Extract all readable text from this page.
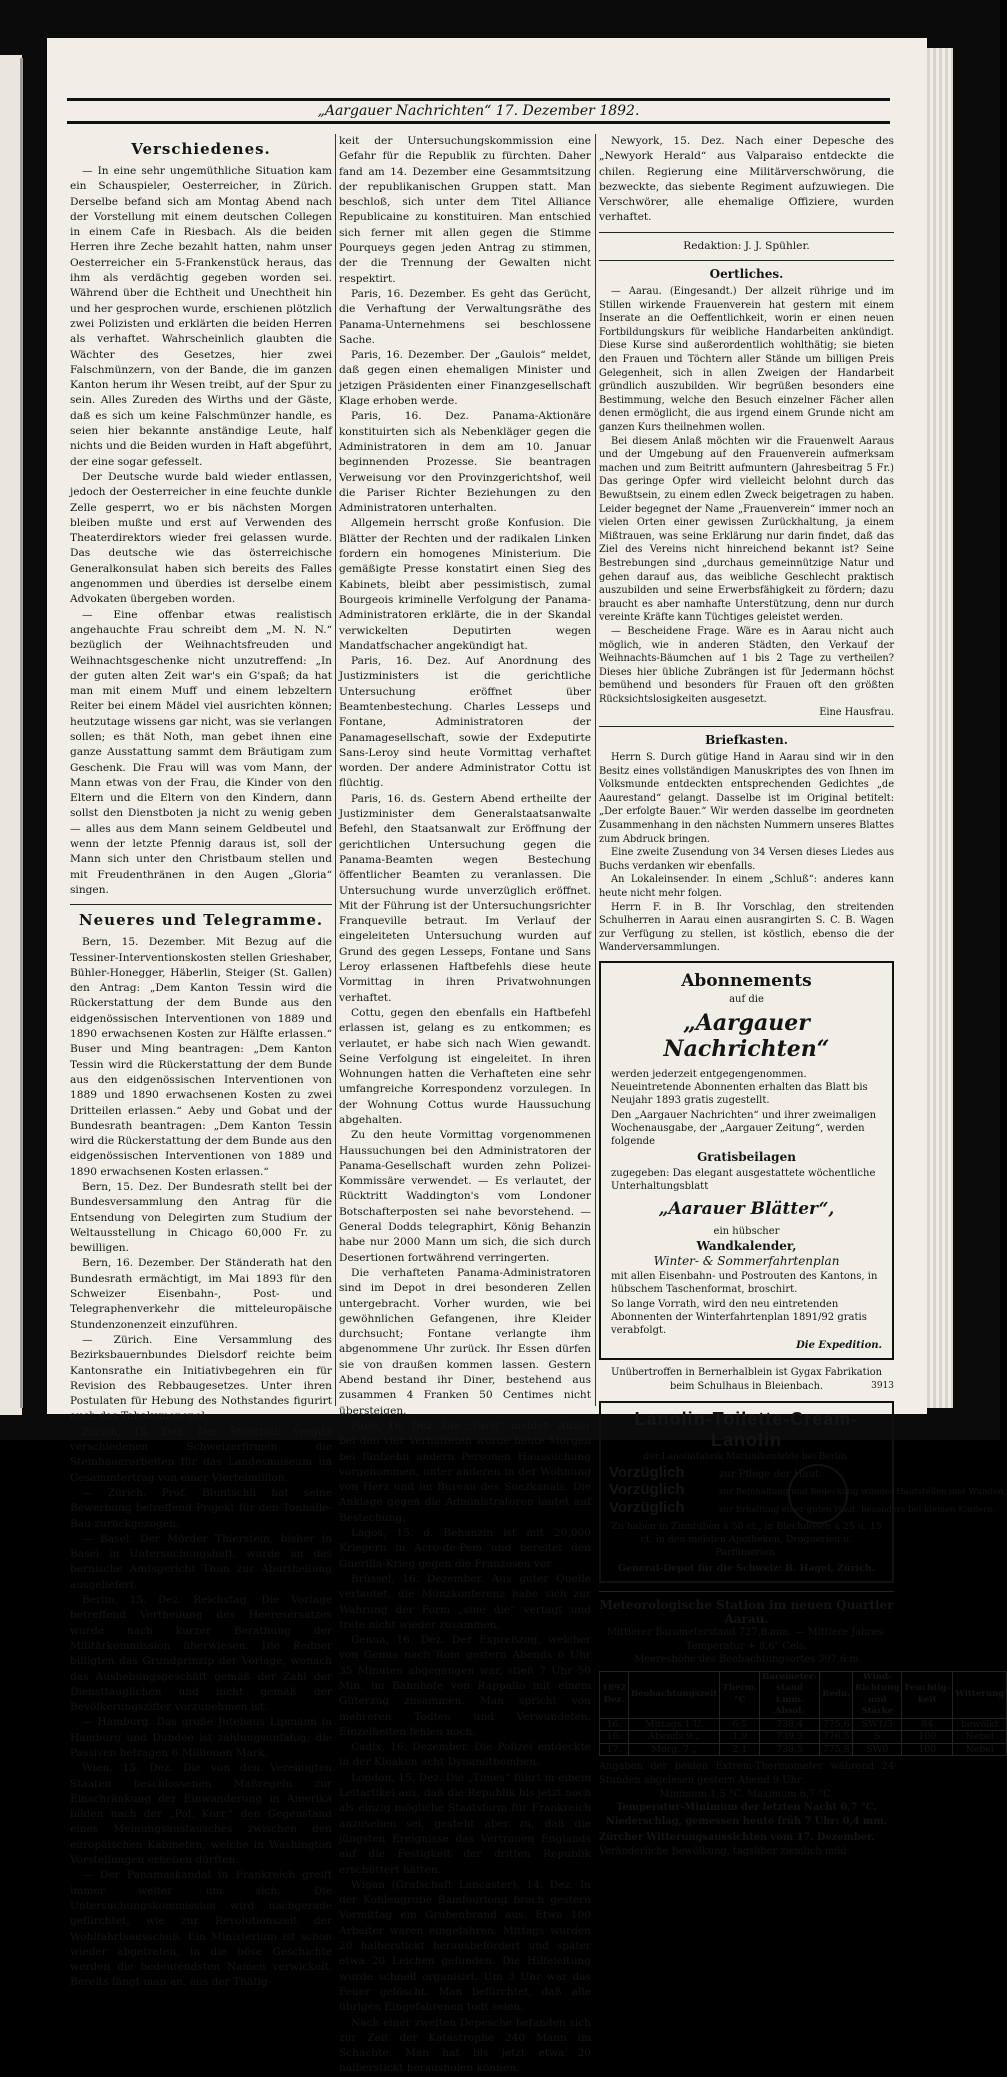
„Aargauer Nachrichten“ 17. Dezember 1892.
Verschiedenes.

— In eine sehr ungemüthliche Situation kam ein Schauspieler, Oesterreicher, in Zürich. Derselbe befand sich am Montag Abend nach der Vorstellung mit einem deutschen Collegen in einem Cafe in Riesbach. Als die beiden Herren ihre Zeche bezahlt hatten, nahm unser Oesterreicher ein 5-Frankenstück heraus, das ihm als verdächtig gegeben worden sei. Während über die Echtheit und Unechtheit hin und her gesprochen wurde, erschienen plötzlich zwei Polizisten und erklärten die beiden Herren als verhaftet. Wahrscheinlich glaubten die Wächter des Gesetzes, hier zwei Falschmünzern, von der Bande, die im ganzen Kanton herum ihr Wesen treibt, auf der Spur zu sein. Alles Zureden des Wirths und der Gäste, daß es sich um keine Falschmünzer handle, es seien hier bekannte anständige Leute, half nichts und die Beiden wurden in Haft abgeführt, der eine sogar gefesselt.

Der Deutsche wurde bald wieder entlassen, jedoch der Oesterreicher in eine feuchte dunkle Zelle gesperrt, wo er bis nächsten Morgen bleiben mußte und erst auf Verwenden des Theaterdirektors wieder frei gelassen wurde. Das deutsche wie das österreichische Generalkonsulat haben sich bereits des Falles angenommen und überdies ist derselbe einem Advokaten übergeben worden.

— Eine offenbar etwas realistisch angehauchte Frau schreibt dem „M. N. N.“ bezüglich der Weihnachtsfreuden und Weihnachtsgeschenke nicht unzutreffend: „In der guten alten Zeit war's ein G'spaß; da hat man mit einem Muff und einem lebzeltern Reiter bei einem Mädel viel ausrichten können; heutzutage wissens gar nicht, was sie verlangen sollen; es thät Noth, man gebet ihnen eine ganze Ausstattung sammt dem Bräutigam zum Geschenk. Die Frau will was vom Mann, der Mann etwas von der Frau, die Kinder von den Eltern und die Eltern von den Kindern, dann sollst den Dienstboten ja nicht zu wenig geben — alles aus dem Mann seinem Geldbeutel und wenn der letzte Pfennig daraus ist, soll der Mann sich unter den Christbaum stellen und mit Freudenthränen in den Augen „Gloria“ singen.

Neueres und Telegramme.

Bern, 15. Dezember. Mit Bezug auf die Tessiner-Interventionskosten stellen Grieshaber, Bühler-Honegger, Häberlin, Steiger (St. Gallen) den Antrag: „Dem Kanton Tessin wird die Rückerstattung der dem Bunde aus den eidgenössischen Interventionen von 1889 und 1890 erwachsenen Kosten zur Hälfte erlassen.“ Buser und Ming beantragen: „Dem Kanton Tessin wird die Rückerstattung der dem Bunde aus den eidgenössischen Interventionen von 1889 und 1890 erwachsenen Kosten zu zwei Dritteilen erlassen.“ Aeby und Gobat und der Bundesrath beantragen: „Dem Kanton Tessin wird die Rückerstattung der dem Bunde aus den eidgenössischen Interventionen von 1889 und 1890 erwachsenen Kosten erlassen.“

Bern, 15. Dez. Der Bundesrath stellt bei der Bundesversammlung den Antrag für die Entsendung von Delegirten zum Studium der Weltausstellung in Chicago 60,000 Fr. zu bewilligen.

Bern, 16. Dezember. Der Ständerath hat den Bundesrath ermächtigt, im Mai 1893 für den Schweizer Eisenbahn-, Post- und Telegraphenverkehr die mitteleuropäische Stundenzonenzeit einzuführen.

— Zürich. Eine Versammlung des Bezirksbauernbundes Dielsdorf reichte beim Kantonsrathe ein Initiativbegehren ein für Revision des Rebbaugesetzes. Unter ihren Postulaten für Hebung des Nothstandes figurirt auch das Tabaksmonopol.

Zürich, 15. Dez. Der Stadtrath vergibt verschiedenen Schweizerfirmen die Steinhauerarbeiten für das Landesmuseum im Gesammtertrag von einer Viertelmillion.

— Zürich. Prof. Bluntschli hat seine Bewerbung betreffend Projekt für den Tonhalle-Bau zurückgezogen.

— Basel. Der Mörder Thierstein, bisher in Basel in Untersuchungshaft, wurde an das bernische Amtsgericht Thun zur Aburtheilung ausgeliefert.

Berlin, 15. Dez. Reichstag. Die Vorlage betreffend Vertheilung des Heeresersatzes wurde nach kurzer Berathung der Militärkommission überwiesen. Die Redner billigten das Grundprinzip der Vorlage, wonach das Aushebungsgeschäft gemäß der Zahl der Diensttauglichen und nicht gemäß der Bevölkerungsziffer vorzunehmen ist.

— Hamburg. Das große Jutehaus Lipmann in Hamburg und Dundee ist zahlungsunfähig; die Passiven betragen 6 Millionen Mark.

Wien, 15. Dez. Die von den Vereinigten Staaten beschlossenen Maßregeln zur Einschränkung der Einwanderung in Amerika bilden nach der „Pol. Korr.“ den Gegenstand eines Meinungsaustausches zwischen den europäischen Kabineten, welche in Washington Vorstellungen erheben dürften.

— Der Panamaskandal in Frankreich greift immer weiter um sich. Die Untersuchungskommission wird nachgerade gefürchtet, wie zur Revolutionszeit der Wohlfahrtsausschuß. Ein Ministerium ist schon wieder abgetreten, in die böse Geschichte werden die bedeutendsten Namen verwickelt. Bereits fängt man an, aus der Thätig-

keit der Untersuchungskommission eine Gefahr für die Republik zu fürchten. Daher fand am 14. Dezember eine Gesammtsitzung der republikanischen Gruppen statt. Man beschloß, sich unter dem Titel Alliance Republicaine zu konstituiren. Man entschied sich ferner mit allen gegen die Stimme Pourqueys gegen jeden Antrag zu stimmen, der die Trennung der Gewalten nicht respektirt.

Paris, 16. Dezember. Es geht das Gerücht, die Verhaftung der Verwaltungsräthe des Panama-Unternehmens sei beschlossene Sache.

Paris, 16. Dezember. Der „Gaulois“ meldet, daß gegen einen ehemaligen Minister und jetzigen Präsidenten einer Finanzgesellschaft Klage erhoben werde.

Paris, 16. Dez. Panama-Aktionäre konstituirten sich als Nebenkläger gegen die Administratoren in dem am 10. Januar beginnenden Prozesse. Sie beantragen Verweisung vor den Provinzgerichtshof, weil die Pariser Richter Beziehungen zu den Administratoren unterhalten.

Allgemein herrscht große Konfusion. Die Blätter der Rechten und der radikalen Linken fordern ein homogenes Ministerium. Die gemäßigte Presse konstatirt einen Sieg des Kabinets, bleibt aber pessimistisch, zumal Bourgeois kriminelle Verfolgung der Panama-Administratoren erklärte, die in der Skandal verwickelten Deputirten wegen Mandatfschacher angekündigt hat.

Paris, 16. Dez. Auf Anordnung des Justizministers ist die gerichtliche Untersuchung eröffnet über Beamtenbestechung. Charles Lesseps und Fontane, Administratoren der Panamagesellschaft, sowie der Exdeputirte Sans-Leroy sind heute Vormittag verhaftet worden. Der andere Administrator Cottu ist flüchtig.

Paris, 16. ds. Gestern Abend ertheilte der Justizminister dem Generalstaatsanwalte Befehl, den Staatsanwalt zur Eröffnung der gerichtlichen Untersuchung gegen die Panama-Beamten wegen Bestechung öffentlicher Beamten zu veranlassen. Die Untersuchung wurde unverzüglich eröffnet. Mit der Führung ist der Untersuchungsrichter Franqueville betraut. Im Verlauf der eingeleiteten Untersuchung wurden auf Grund des gegen Lesseps, Fontane und Sans Leroy erlassenen Haftbefehls diese heute Vormittag in ihren Privatwohnungen verhaftet.

Cottu, gegen den ebenfalls ein Haftbefehl erlassen ist, gelang es zu entkommen; es verlautet, er habe sich nach Wien gewandt. Seine Verfolgung ist eingeleitet. In ihren Wohnungen hatten die Verhafteten eine sehr umfangreiche Korrespondenz vorzulegen. In der Wohnung Cottus wurde Haussuchung abgehalten.

Zu den heute Vormittag vorgenommenen Haussuchungen bei den Administratoren der Panama-Gesellschaft wurden zehn Polizei-Kommissäre verwendet. — Es verlautet, der Rücktritt Waddington's vom Londoner Botschafterposten sei nahe bevorstehend. — General Dodds telegraphirt, König Behanzin habe nur 2000 Mann um sich, die sich durch Desertionen fortwährend verringerten.

Die verhafteten Panama-Administratoren sind im Depot in drei besonderen Zellen untergebracht. Vorher wurden, wie bei gewöhnlichen Gefangenen, ihre Kleider durchsucht; Fontane verlangte ihm abgenommene Uhr zurück. Ihr Essen dürfen sie von draußen kommen lassen. Gestern Abend bestand ihr Diner, bestehend aus zusammen 4 Franken 50 Centimes nicht übersteigen.

Paris, 16. Dez. Die „Paris“ meldet: Außer bei den vier Verhafteten wurde heute Morgen bei fünfzehn andern Personen Haussuchung vorgenommen, unter anderen in der Wohnung von Herz und im Bureau des Suezkanals. Die Anklage gegen die Administratoren lautet auf Bestechung.

Lagos, 15. d. Behanzin ist mit 20,000 Kriegern in Acro-de-Pem und bereitet den Guerilla-Krieg gegen die Franzosen vor.

Brüssel, 16. Dezember. Aus guter Quelle verlautet, die Münzkonferenz habe sich zur Wahrung der Form „sine die“ vertagt und trete nicht wieder zusammen.

Genua, 16. Dez. Der Expreßzug, welcher von Genua nach Rom gestern Abends 6 Uhr 35 Minuten abgegangen war, stieß 7 Uhr 50 Min. im Bahnhofe von Rappallo mit einem Güterzug zusammen. Man spricht von mehreren Todten und Verwundeten. Einzelheiten fehlen noch.

Cadix, 16. Dezember. Die Polizei entdeckte in der Kloaken acht Dynamitbomben.

London, 15. Dez. Die „Times“ führt in einem Leitartikel aus, daß die Republik bis jetzt noch als einzig mögliche Staatsform für Frankreich anzusehen sei, gesteht aber zu, daß die jüngsten Ereignisse das Vertrauen Englands auf die Festigkeit der dritten Republik erschüttert hätten.

Wigan (Grafschaft Lancaster), 14. Dez. In der Kohlengrube Bamfourlong brach gestern Vormittag ein Grubenbrand aus. Etwa 100 Arbeiter waren eingefahren. Mittags wurden 20 halberstickt herausbefördert und später etwa 20 Leichen gefunden. Die Hilfeleitung wurde schnell organisirt. Um 3 Uhr war das Feuer gelöscht. Man befürchtet, daß alle übrigen Eingefahrenen todt seien.

Nach einer zweiten Depesche befanden sich zur Zeit der Katastrophe 240 Mann im Schachte. Man hat bis jetzt etwa 20 halberstickt herausholen können.

Newyork, 15. Dez. Nach einer Depesche des „Newyork Herald“ aus Valparaiso entdeckte die chilen. Regierung eine Militärverschwörung, die bezweckte, das siebente Regiment aufzuwiegen. Die Verschwörer, alle ehemalige Offiziere, wurden verhaftet.

Redaktion: J. J. Spühler.
Oertliches.

— Aarau. (Eingesandt.) Der allzeit rührige und im Stillen wirkende Frauenverein hat gestern mit einem Inserate an die Oeffentlichkeit, worin er einen neuen Fortbildungskurs für weibliche Handarbeiten ankündigt. Diese Kurse sind außerordentlich wohlthätig; sie bieten den Frauen und Töchtern aller Stände um billigen Preis Gelegenheit, sich in allen Zweigen der Handarbeit gründlich auszubilden. Wir begrüßen besonders eine Bestimmung, welche den Besuch einzelner Fächer allen denen ermöglicht, die aus irgend einem Grunde nicht am ganzen Kurs theilnehmen wollen.

Bei diesem Anlaß möchten wir die Frauenwelt Aaraus und der Umgebung auf den Frauenverein aufmerksam machen und zum Beitritt aufmuntern (Jahresbeitrag 5 Fr.) Das geringe Opfer wird vielleicht belohnt durch das Bewußtsein, zu einem edlen Zweck beigetragen zu haben. Leider begegnet der Name „Frauenverein“ immer noch an vielen Orten einer gewissen Zurückhaltung, ja einem Mißtrauen, was seine Erklärung nur darin findet, daß das Ziel des Vereins nicht hinreichend bekannt ist? Seine Bestrebungen sind „durchaus gemeinnützige Natur und gehen darauf aus, das weibliche Geschlecht praktisch auszubilden und seine Erwerbsfähigkeit zu fördern; dazu braucht es aber namhafte Unterstützung, denn nur durch vereinte Kräfte kann Tüchtiges geleistet werden.

— Bescheidene Frage. Wäre es in Aarau nicht auch möglich, wie in anderen Städten, den Verkauf der Weihnachts-Bäumchen auf 1 bis 2 Tage zu vertheilen? Dieses hier übliche Zubrängen ist für Jedermann höchst bemühend und besonders für Frauen oft den größten Rücksichtslosigkeiten ausgesetzt.

Eine Hausfrau.

Briefkasten.

Herrn S. Durch gütige Hand in Aarau sind wir in den Besitz eines vollständigen Manuskriptes des von Ihnen im Volksmunde entdeckten entsprechenden Gedichtes „de Aaurestand“ gelangt. Dasselbe ist im Original betitelt: „Der erfolgte Bauer.“ Wir werden dasselbe im geordneten Zusammenhang in den nächsten Nummern unseres Blattes zum Abdruck bringen.

Eine zweite Zusendung von 34 Versen dieses Liedes aus Buchs verdanken wir ebenfalls.

An Lokaleinsender. In einem „Schluß“: anderes kann heute nicht mehr folgen.

Herrn F. in B. Ihr Vorschlag, den streitenden Schulherren in Aarau einen ausrangirten S. C. B. Wagen zur Verfügung zu stellen, ist köstlich, ebenso die der Wanderversammlungen.

Abonnements
auf die
„Aargauer Nachrichten“

werden jederzeit entgegengenommen. Neueintretende Abonnenten erhalten das Blatt bis Neujahr 1893 gratis zugestellt.

Den „Aargauer Nachrichten“ und ihrer zweimaligen Wochenausgabe, der „Aargauer Zeitung“, werden folgende

Gratisbeilagen

zugegeben: Das elegant ausgestattete wöchentliche Unterhaltungsblatt

„Aarauer Blätter“,
ein hübscher
Wandkalender,
Winter- & Sommerfahrtenplan

mit allen Eisenbahn- und Postrouten des Kantons, in hübschem Taschenformat, broschirt.

So lange Vorrath, wird den neu eintretenden Abonnenten der Winterfahrtenplan 1891/92 gratis verabfolgt.

Die Expedition.
Unübertroffen in Bernerhalblein ist Gygax Fabrikation beim Schulhaus in Bleienbach.	3913
Lanolin-Toilette-Cream-Lanolin
der Lanolinfabrik Martinikenfelde bei Berlin.
Vorzüglich	zur Pflege der Haut.
Vorzüglich	zur Reinhaltung und Bedeckung wunder Hautstellen und Wunden.
Vorzüglich	zur Erhaltung einer guten Haut, besonders bei kleinen Kindern.
Zu haben in Zinntuben à 50 ct., in Blechdosen à 25 u. 15 ct. in den meisten Apotheken, Droguerien u. Parfümerien.
General-Depot für die Schweiz: B. Hagel, Zürich.
Meteorologische Station im neuen Quartier Aarau.
Mittlerer Barometerstand 727,8 mm. — Mittlere Jahres-Temperatur + 8,6° Cels.
Meereshöhe des Beobachtungsortes 397,6 m
1892 Dez.	Beobachtungszeit	Therm. °C	Barometer-stand i.mm. Absol.	Redu.	Wind-Richtung und Stärke	Feuchtig-keit	Witterung
16.	Mittags 1 U.	6,5	738,4	775,6	SW1/3	84	bewölkt
16.	Abends 9 „	1,9	739,3	776,5	S	100	Nebel
17.	Morg. 7 „	2,1	738,5	775,8	SW0	100	Nebel
Angaben der beiden Extrem-Thermometer während 24 Stunden abgelesen gestern Abend 9 Uhr:
Minimum 1,5 °C. Maximum 6,7 °C.
Temperatur-Minimum der letzten Nacht 0,7 °C.
Niederschlag, gemessen heute früh 7 Uhr: 0,4 mm.
Zürcher Witterungsaussichten vom 17. Dezember.
Veränderliche Bewölkung, tagsüber ziemlich mild.
